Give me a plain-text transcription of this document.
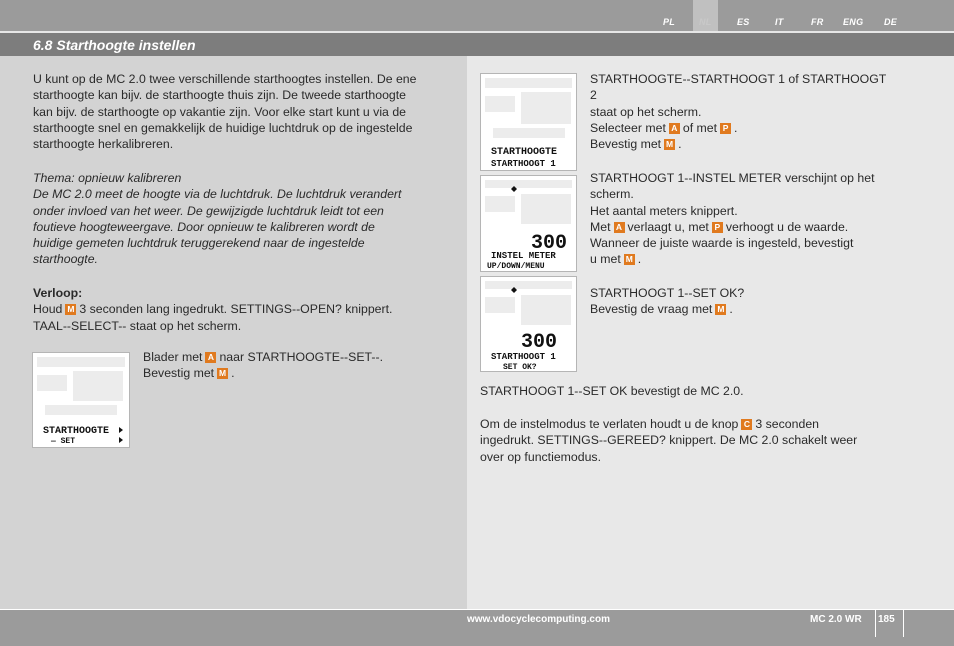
PL	NL	ES	IT	FR ENG DE
6.8 Starthoogte instellen
U kunt op de MC 2.0 twee verschillende starthoogtes instellen. De ene
starthoogte kan bijv. de starthoogte thuis zijn. De tweede starthoogte
kan bijv. de starthoogte op vakantie zijn. Voor elke start kunt u via de
starthoogte snel en gemakkelijk de huidige luchtdruk op de ingestelde
starthoogte herkalibreren.
Thema: opnieuw kalibreren
De MC 2.0 meet de hoogte via de luchtdruk. De luchtdruk verandert
onder invloed van het weer. De gewijzigde luchtdruk leidt tot een
foutieve hoogteweergave. Door opnieuw te kalibreren wordt de
huidige gemeten luchtdruk teruggerekend naar de ingestelde
starthoogte.
Verloop:
Houd M 3 seconden lang ingedrukt. SETTINGS--OPEN? knippert.
TAAL--SELECT-- staat op het scherm.
STARTHOOGTE
— SET
Blader met A naar STARTHOOGTE--SET--.
Bevestig met M .
STARTHOOGTE
STARTHOOGT 1
STARTHOOGTE--STARTHOOGT 1 of STARTHOOGT 2
staat op het scherm.
Selecteer met A of met P .
Bevestig met M .
300
INSTEL METER
UP/DOWN/MENU
STARTHOOGT 1--INSTEL METER verschijnt op het
scherm.
Het aantal meters knippert.
Met A verlaagt u, met P verhoogt u de waarde.
Wanneer de juiste waarde is ingesteld, bevestigt
u met M .
300
STARTHOOGT 1
SET OK?
STARTHOOGT 1--SET OK?
Bevestig de vraag met M .
STARTHOOGT 1--SET OK bevestigt de MC 2.0.
Om de instelmodus te verlaten houdt u de knop C 3 seconden
ingedrukt. SETTINGS--GEREED? knippert. De MC 2.0 schakelt weer
over op functiemodus.
www.vdocyclecomputing.com	MC 2.0 WR 185
